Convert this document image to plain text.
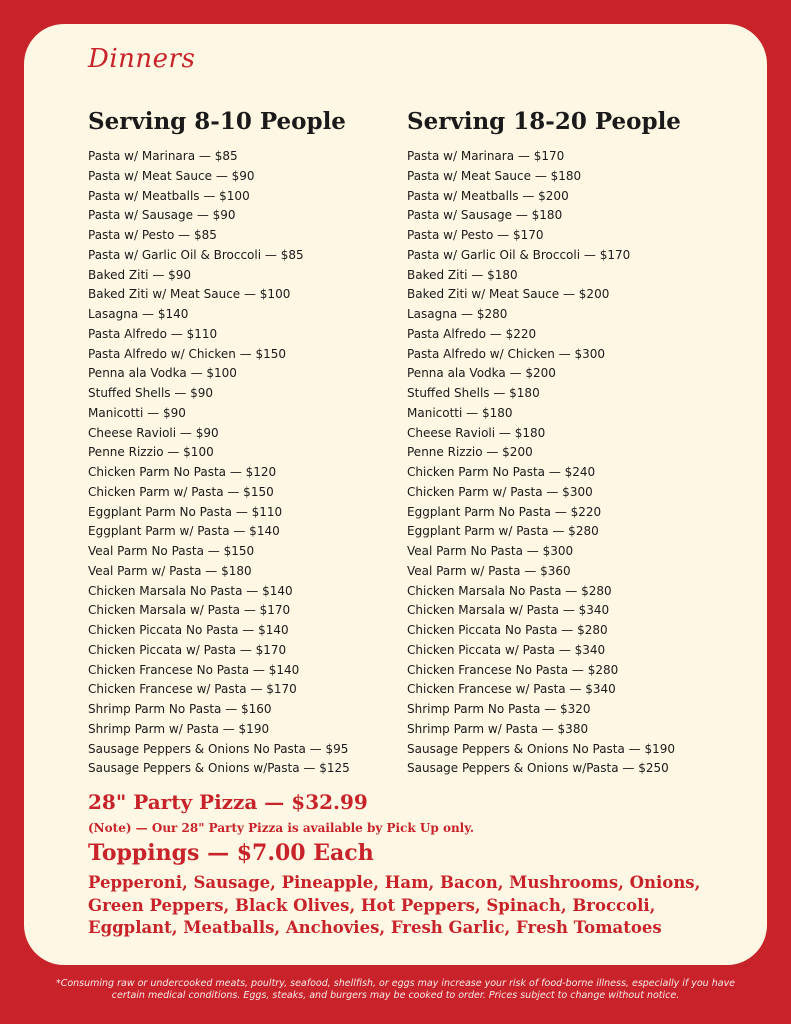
Dinners
Serving 8-10 People
Pasta w/ Marinara — $85
Pasta w/ Meat Sauce — $90
Pasta w/ Meatballs — $100
Pasta w/ Sausage — $90
Pasta w/ Pesto — $85
Pasta w/ Garlic Oil & Broccoli — $85
Baked Ziti — $90
Baked Ziti w/ Meat Sauce — $100
Lasagna — $140
Pasta Alfredo — $110
Pasta Alfredo w/ Chicken — $150
Penna ala Vodka — $100
Stuffed Shells — $90
Manicotti — $90
Cheese Ravioli — $90
Penne Rizzio — $100
Chicken Parm No Pasta — $120
Chicken Parm w/ Pasta — $150
Eggplant Parm No Pasta — $110
Eggplant Parm w/ Pasta — $140
Veal Parm No Pasta — $150
Veal Parm w/ Pasta — $180
Chicken Marsala No Pasta — $140
Chicken Marsala w/ Pasta — $170
Chicken Piccata No Pasta — $140
Chicken Piccata w/ Pasta — $170
Chicken Francese No Pasta — $140
Chicken Francese w/ Pasta — $170
Shrimp Parm No Pasta — $160
Shrimp Parm w/ Pasta — $190
Sausage Peppers & Onions No Pasta — $95
Sausage Peppers & Onions w/Pasta — $125
Serving 18-20 People
Pasta w/ Marinara — $170
Pasta w/ Meat Sauce — $180
Pasta w/ Meatballs — $200
Pasta w/ Sausage — $180
Pasta w/ Pesto — $170
Pasta w/ Garlic Oil & Broccoli — $170
Baked Ziti — $180
Baked Ziti w/ Meat Sauce — $200
Lasagna — $280
Pasta Alfredo — $220
Pasta Alfredo w/ Chicken — $300
Penna ala Vodka — $200
Stuffed Shells — $180
Manicotti — $180
Cheese Ravioli — $180
Penne Rizzio — $200
Chicken Parm No Pasta — $240
Chicken Parm w/ Pasta — $300
Eggplant Parm No Pasta — $220
Eggplant Parm w/ Pasta — $280
Veal Parm No Pasta — $300
Veal Parm w/ Pasta — $360
Chicken Marsala No Pasta — $280
Chicken Marsala w/ Pasta — $340
Chicken Piccata No Pasta — $280
Chicken Piccata w/ Pasta — $340
Chicken Francese No Pasta — $280
Chicken Francese w/ Pasta — $340
Shrimp Parm No Pasta — $320
Shrimp Parm w/ Pasta — $380
Sausage Peppers & Onions No Pasta — $190
Sausage Peppers & Onions w/Pasta — $250
28" Party Pizza — $32.99
(Note) — Our 28" Party Pizza is available by Pick Up only.
Toppings — $7.00 Each
Pepperoni, Sausage, Pineapple, Ham, Bacon, Mushrooms, Onions, Green Peppers, Black Olives, Hot Peppers, Spinach, Broccoli, Eggplant, Meatballs, Anchovies, Fresh Garlic, Fresh Tomatoes
*Consuming raw or undercooked meats, poultry, seafood, shellfish, or eggs may increase your risk of food-borne illness, especially if you have certain medical conditions. Eggs, steaks, and burgers may be cooked to order. Prices subject to change without notice.
